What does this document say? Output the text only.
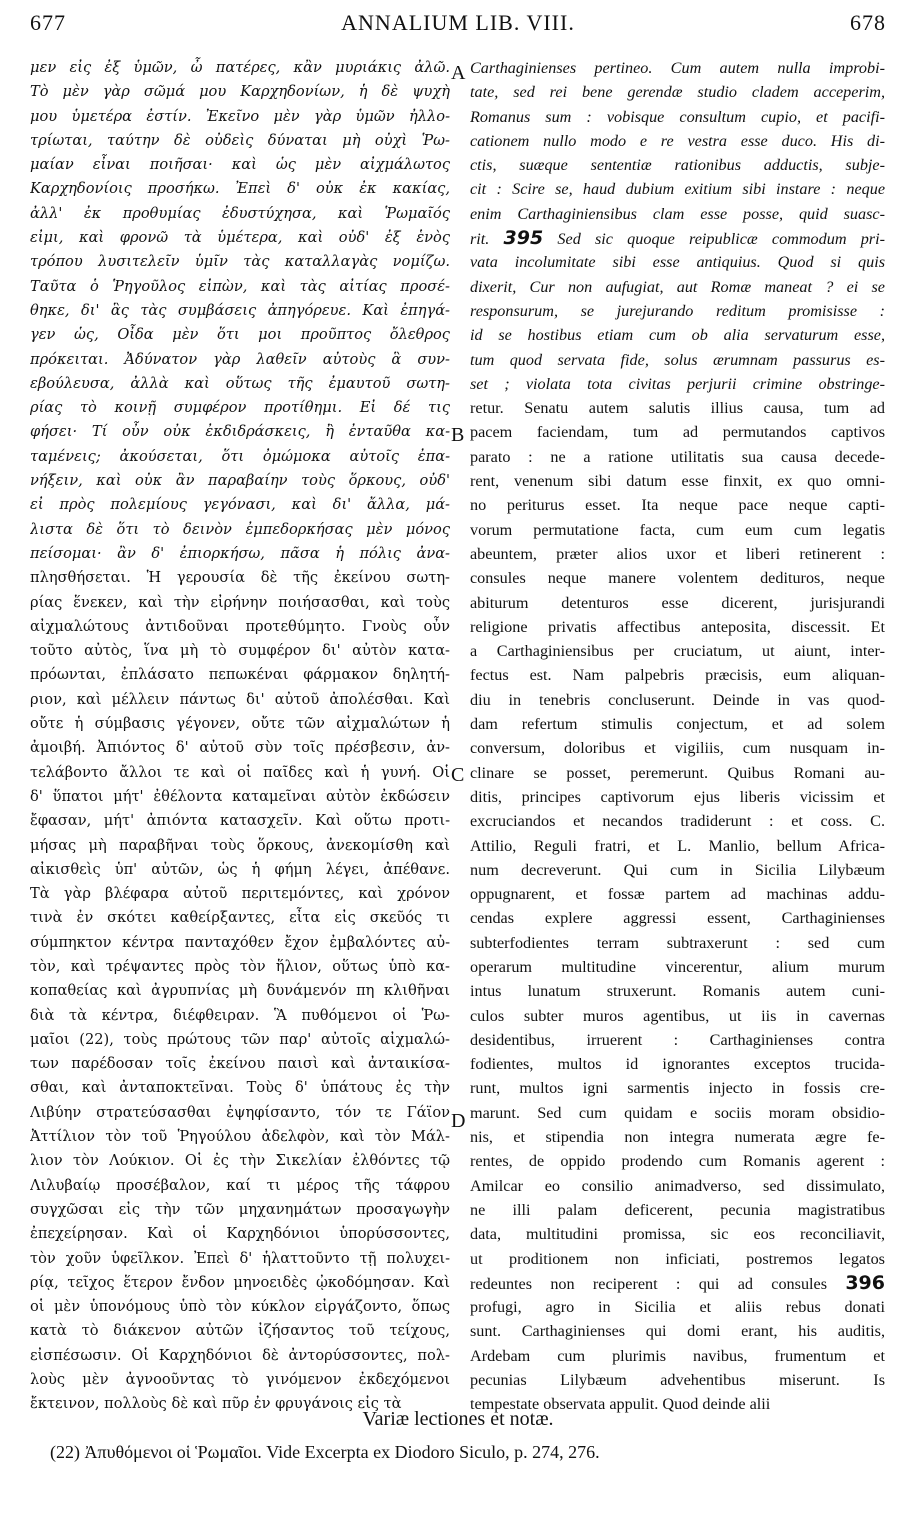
677	ANNALIUM LIB. VIII.	678
μεν εἰς ἐξ ὑμῶν, ὦ πατέρες, κἂν μυριάκις ἀλῶ.
Τὸ μὲν γὰρ σῶμά μου Καρχηδονίων, ἡ δὲ ψυχὴ
μου ὑμετέρα ἐστίν. Ἐκεῖνο μὲν γὰρ ὑμῶν ἠλλο-
τρίωται, ταύτην δὲ οὐδεὶς δύναται μὴ οὐχὶ Ῥω-
μαίαν εἶναι ποιῆσαι· καὶ ὡς μὲν αἰχμάλωτος
Καρχηδονίοις προσήκω. Ἐπεὶ δ' οὐκ ἐκ κακίας,
ἀλλ' ἐκ προθυμίας ἐδυστύχησα, καὶ Ῥωμαῖός
εἰμι, καὶ φρονῶ τὰ ὑμέτερα, καὶ οὐδ' ἐξ ἑνὸς
τρόπου λυσιτελεῖν ὑμῖν τὰς καταλλαγὰς νομίζω.
Ταῦτα ὁ Ῥηγοῦλος εἰπὼν, καὶ τὰς αἰτίας προσέ-
θηκε, δι' ἃς τὰς συμβάσεις ἀπηγόρευε. Καὶ ἐπηγά-
γεν ὡς, Οἶδα μὲν ὅτι μοι προῦπτος ὄλεθρος
πρόκειται. Ἀδύνατον γὰρ λαθεῖν αὐτοὺς ἃ συν-
εβούλευσα, ἀλλὰ καὶ οὕτως τῆς ἐμαυτοῦ σωτη-
ρίας τὸ κοινῇ συμφέρον προτίθημι. Εἰ δέ τις
φήσει· Τί οὖν οὐκ ἐκδιδράσκεις, ἢ ἐνταῦθα κα-
ταμένεις; ἀκούσεται, ὅτι ὀμώμοκα αὐτοῖς ἐπα-
νήξειν, καὶ οὐκ ἂν παραβαίην τοὺς ὅρκους, οὐδ'
εἰ πρὸς πολεμίους γεγόνασι, καὶ δι' ἄλλα, μά-
λιστα δὲ ὅτι τὸ δεινὸν ἐμπεδορκήσας μὲν μόνος
πείσομαι· ἂν δ' ἐπιορκήσω, πᾶσα ἡ πόλις ἀνα-
πλησθήσεται. Ἡ γερουσία δὲ τῆς ἐκείνου σωτη-
ρίας ἕνεκεν, καὶ τὴν εἰρήνην ποιήσασθαι, καὶ τοὺς
αἰχμαλώτους ἀντιδοῦναι προτεθύμητο. Γνοὺς οὖν
τοῦτο αὐτὸς, ἵνα μὴ τὸ συμφέρον δι' αὐτὸν κατα-
πρόωνται, ἐπλάσατο πεπωκέναι φάρμακον δηλητή-
ριον, καὶ μέλλειν πάντως δι' αὐτοῦ ἀπολέσθαι. Καὶ
οὔτε ἡ σύμβασις γέγονεν, οὔτε τῶν αἰχμαλώτων ἡ
ἀμοιβή. Ἀπιόντος δ' αὐτοῦ σὺν τοῖς πρέσβεσιν, ἀν-
τελάβοντο ἄλλοι τε καὶ οἱ παῖδες καὶ ἡ γυνή. Οἱ
δ' ὕπατοι μήτ' ἐθέλοντα καταμεῖναι αὐτὸν ἐκδώσειν
ἔφασαν, μήτ' ἀπιόντα κατασχεῖν. Καὶ οὕτω προτι-
μήσας μὴ παραβῆναι τοὺς ὅρκους, ἀνεκομίσθη καὶ
αἰκισθεὶς ὑπ' αὐτῶν, ὡς ἡ φήμη λέγει, ἀπέθανε.
Τὰ γὰρ βλέφαρα αὐτοῦ περιτεμόντες, καὶ χρόνον
τινὰ ἐν σκότει καθείρξαντες, εἶτα εἰς σκεῦός τι
σύμπηκτον κέντρα πανταχόθεν ἔχον ἐμβαλόντες αὐ-
τὸν, καὶ τρέψαντες πρὸς τὸν ἥλιον, οὕτως ὑπὸ κα-
κοπαθείας καὶ ἀγρυπνίας μὴ δυνάμενόν πη κλιθῆναι
διὰ τὰ κέντρα, διέφθειραν. Ἃ πυθόμενοι οἱ Ῥω-
μαῖοι (22), τοὺς πρώτους τῶν παρ' αὐτοῖς αἰχμαλώ-
των παρέδοσαν τοῖς ἐκείνου παισὶ καὶ ἀνταικίσα-
σθαι, καὶ ἀνταποκτεῖναι. Τοὺς δ' ὑπάτους ἐς τὴν
Λιβύην στρατεύσασθαι ἐψηφίσαντο, τόν τε Γάϊον
Ἀττίλιον τὸν τοῦ Ῥηγούλου ἀδελφὸν, καὶ τὸν Μάλ-
λιον τὸν Λούκιον. Οἱ ἐς τὴν Σικελίαν ἐλθόντες τῷ
Λιλυβαίῳ προσέβαλον, καί τι μέρος τῆς τάφρου
συγχῶσαι εἰς τὴν τῶν μηχανημάτων προσαγωγὴν
ἐπεχείρησαν. Καὶ οἱ Καρχηδόνιοι ὑπορύσσοντες,
τὸν χοῦν ὑφεῖλκον. Ἐπεὶ δ' ἡλαττοῦντο τῇ πολυχει-
ρίᾳ, τεῖχος ἕτερον ἔνδον μηνοειδὲς ᾠκοδόμησαν. Καὶ
οἱ μὲν ὑπονόμους ὑπὸ τὸν κύκλον εἰργάζοντο, ὅπως
κατὰ τὸ διάκενον αὐτῶν ἰζήσαντος τοῦ τείχους,
εἰσπέσωσιν. Οἱ Καρχηδόνιοι δὲ ἀντορύσσοντες, πολ-
λοὺς μὲν ἀγνοοῦντας τὸ γινόμενον ἐκδεχόμενοι
ἔκτεινον, πολλοὺς δὲ καὶ πῦρ ἐν φρυγάνοις εἰς τὰ
Carthaginienses pertineo. Cum autem nulla improbi-
tate, sed rei bene gerendæ studio cladem acceperim,
Romanus sum : vobisque consultum cupio, et pacifi-
cationem nullo modo e re vestra esse duco. His di-
ctis, suæque sententiæ rationibus adductis, subje-
cit : Scire se, haud dubium exitium sibi instare : neque
enim Carthaginiensibus clam esse posse, quid suasc-
rit. 395 Sed sic quoque reipublicæ commodum pri-
vata incolumitate sibi esse antiquius. Quod si quis
dixerit, Cur non aufugiat, aut Romæ maneat ? ei se
responsurum, se jurejurando reditum promisisse :
id se hostibus etiam cum ob alia servaturum esse,
tum quod servata fide, solus ærumnam passurus es-
set ; violata tota civitas perjurii crimine obstringe-
retur. Senatu autem salutis illius causa, tum ad
pacem faciendam, tum ad permutandos captivos
parato : ne a ratione utilitatis sua causa decede-
rent, venenum sibi datum esse finxit, ex quo omni-
no periturus esset. Ita neque pace neque capti-
vorum permutatione facta, cum eum cum legatis
abeuntem, præter alios uxor et liberi retinerent :
consules neque manere volentem dedituros, neque
abiturum detenturos esse dicerent, jurisjurandi
religione privatis affectibus anteposita, discessit. Et
a Carthaginiensibus per cruciatum, ut aiunt, inter-
fectus est. Nam palpebris præcisis, eum aliquan-
diu in tenebris concluserunt. Deinde in vas quod-
dam refertum stimulis conjectum, et ad solem
conversum, doloribus et vigiliis, cum nusquam in-
clinare se posset, peremerunt. Quibus Romani au-
ditis, principes captivorum ejus liberis vicissim et
excruciandos et necandos tradiderunt : et coss. C.
Attilio, Reguli fratri, et L. Manlio, bellum Africa-
num decreverunt. Qui cum in Sicilia Lilybæum
oppugnarent, et fossæ partem ad machinas addu-
cendas explere aggressi essent, Carthaginienses
subterfodientes terram subtraxerunt : sed cum
operarum multitudine vincerentur, alium murum
intus lunatum struxerunt. Romanis autem cuni-
culos subter muros agentibus, ut iis in cavernas
desidentibus, irruerent : Carthaginienses contra
fodientes, multos id ignorantes exceptos trucida-
runt, multos igni sarmentis injecto in fossis cre-
marunt. Sed cum quidam e sociis moram obsidio-
nis, et stipendia non integra numerata ægre fe-
rentes, de oppido prodendo cum Romanis agerent :
Amilcar eo consilio animadverso, sed dissimulato,
ne illi palam deficerent, pecunia magistratibus
data, multitudini promissa, sic eos reconciliavit,
ut proditionem non inficiati, postremos legatos
redeuntes non reciperent : qui ad consules 396
profugi, agro in Sicilia et aliis rebus donati
sunt. Carthaginienses qui domi erant, his auditis,
Ardebam cum plurimis navibus, frumentum et
pecunias Lilybæum advehentibus miserunt. Is
tempestate observata appulit. Quod deinde alii
A
B
C
D
Variæ lectiones et notæ.
(22) Ἀπυθόμενοι οἱ Ῥωμαῖοι. Vide Excerpta ex Diodoro Siculo, p. 274, 276.
